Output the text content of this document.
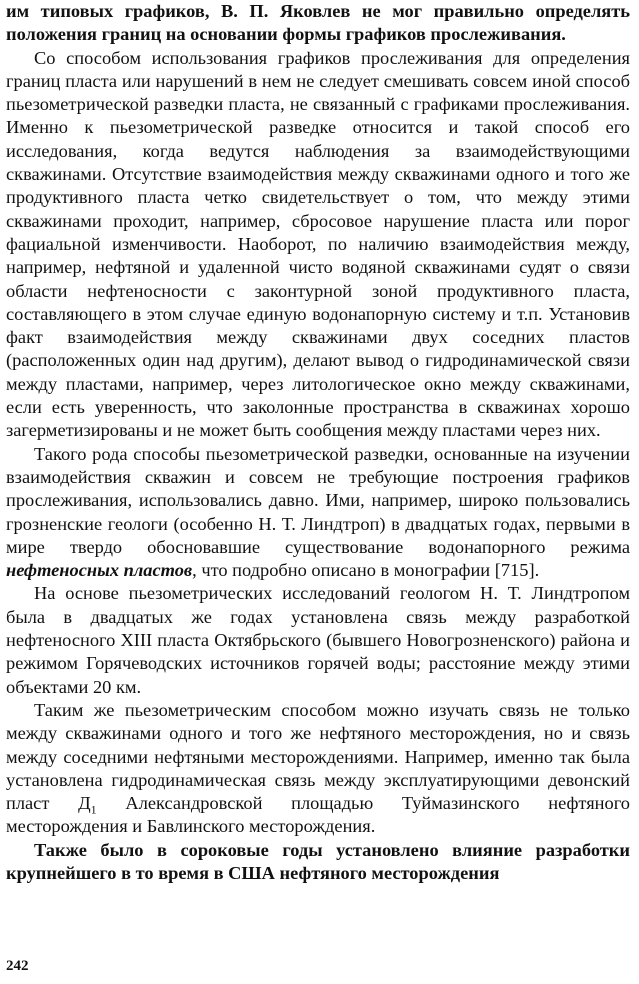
им типовых графиков, В. П. Яковлев не мог правильно определять положения границ на основании формы графиков прослеживания.

Со способом использования графиков прослеживания для определения границ пласта или нарушений в нем не следует смешивать совсем иной способ пьезометрической разведки пласта, не связанный с графиками прослеживания. Именно к пьезометрической разведке относится и такой способ его исследования, когда ведутся наблюдения за взаимодействующими скважинами. Отсутствие взаимодействия между скважинами одного и того же продуктивного пласта четко свидетельствует о том, что между этими скважинами проходит, например, сбросовое нарушение пласта или порог фациальной изменчивости. Наоборот, по наличию взаимодействия между, например, нефтяной и удаленной чисто водяной скважинами судят о связи области нефтеносности с законтурной зоной продуктивного пласта, составляющего в этом случае единую водонапорную систему и т.п. Установив факт взаимодействия между скважинами двух соседних пластов (расположенных один над другим), делают вывод о гидродинамической связи между пластами, например, через литологическое окно между скважинами, если есть уверенность, что заколонные пространства в скважинах хорошо загерметизированы и не может быть сообщения между пластами через них.

Такого рода способы пьезометрической разведки, основанные на изучении взаимодействия скважин и совсем не требующие построения графиков прослеживания, использовались давно. Ими, например, широко пользовались грозненские геологи (особенно Н. Т. Линдтроп) в двадцатых годах, первыми в мире твердо обосновавшие существование водонапорного режима нефтеносных пластов, что подробно описано в монографии [715].

На основе пьезометрических исследований геологом Н. Т. Линдтропом была в двадцатых же годах установлена связь между разработкой нефтеносного XIII пласта Октябрьского (бывшего Новогрозненского) района и режимом Горячеводских источников горячей воды; расстояние между этими объектами 20 км.

Таким же пьезометрическим способом можно изучать связь не только между скважинами одного и того же нефтяного месторождения, но и связь между соседними нефтяными месторождениями. Например, именно так была установлена гидродинамическая связь между эксплуатирующими девонский пласт $Д_1$ Александровской площадью Туймазинского нефтяного месторождения и Бавлинского месторождения.

Также было в сороковые годы установлено влияние разработки крупнейшего в то время в США нефтяного месторождения

242
